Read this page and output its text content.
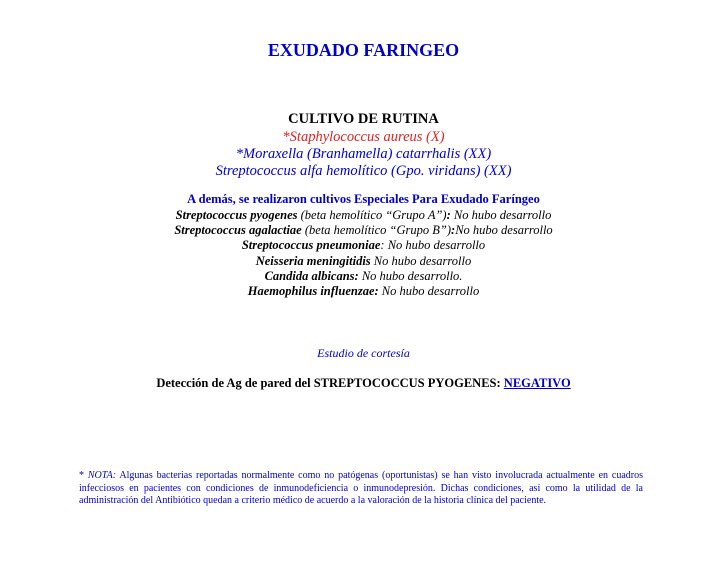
EXUDADO FARINGEO
CULTIVO DE RUTINA
*Staphylococcus aureus (X)
*Moraxella (Branhamella) catarrhalis (XX)
Streptococcus alfa hemolítico (Gpo. viridans) (XX)
A demás, se realizaron cultivos Especiales Para Exudado Faríngeo
Streptococcus pyogenes (beta hemolítico “Grupo A”): No hubo desarrollo
Streptococcus agalactiae (beta hemolítico “Grupo B”):No hubo desarrollo
Streptococcus pneumoniae: No hubo desarrollo
Neisseria meningitidis No hubo desarrollo
Candida albicans: No hubo desarrollo.
Haemophilus influenzae: No hubo desarrollo
Estudio de cortesía
Detección de Ag de pared del STREPTOCOCCUS PYOGENES: NEGATIVO
* NOTA: Algunas bacterias reportadas normalmente como no patógenas (oportunistas) se han visto involucrada actualmente en cuadros infecciosos en pacientes con condiciones de inmunodeficiencia o inmunodepresión. Dichas condiciones, así como la utilidad de la administración del Antibiótico quedan a criterio médico de acuerdo a la valoración de la historia clínica del paciente.
